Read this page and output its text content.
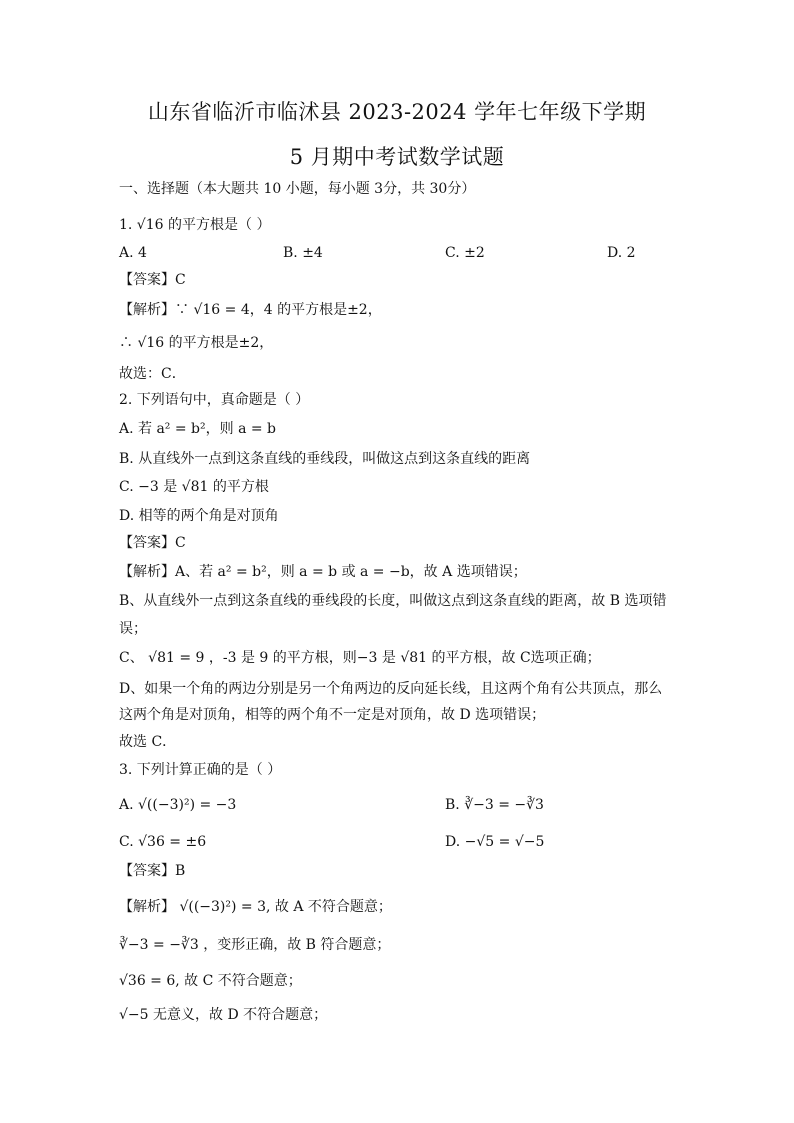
山东省临沂市临沭县 2023-2024 学年七年级下学期
5 月期中考试数学试题
一、选择题（本大题共 10 小题，每小题 3分，共 30分）
1. √16 的平方根是（ ）
A. 4	B. ±4	C. ±2	D. 2
【答案】C
【解析】∵ √16 = 4，4 的平方根是±2，
∴ √16 的平方根是±2，
故选：C．
2. 下列语句中，真命题是（ ）
A. 若 a² = b²，则 a = b
B. 从直线外一点到这条直线的垂线段，叫做这点到这条直线的距离
C. −3 是 √81 的平方根
D. 相等的两个角是对顶角
【答案】C
【解析】A、若 a² = b²，则 a = b 或 a = −b，故 A 选项错误；
B、从直线外一点到这条直线的垂线段的长度，叫做这点到这条直线的距离，故 B 选项错
误；
C、 √81 = 9 ，-3 是 9 的平方根，则−3 是 √81 的平方根，故 C选项正确；
D、如果一个角的两边分别是另一个角两边的反向延长线，且这两个角有公共顶点，那么
这两个角是对顶角，相等的两个角不一定是对顶角，故 D 选项错误；
故选 C．
3. 下列计算正确的是（ ）
A. √((−3)²) = −3	B. ∛−3 = −∛3
C. √36 = ±6	D. −√5 = √−5
【答案】B
【解析】 √((−3)²) = 3, 故 A 不符合题意；
∛−3 = −∛3 ，变形正确，故 B 符合题意；
√36 = 6, 故 C 不符合题意；
√−5 无意义，故 D 不符合题意；
